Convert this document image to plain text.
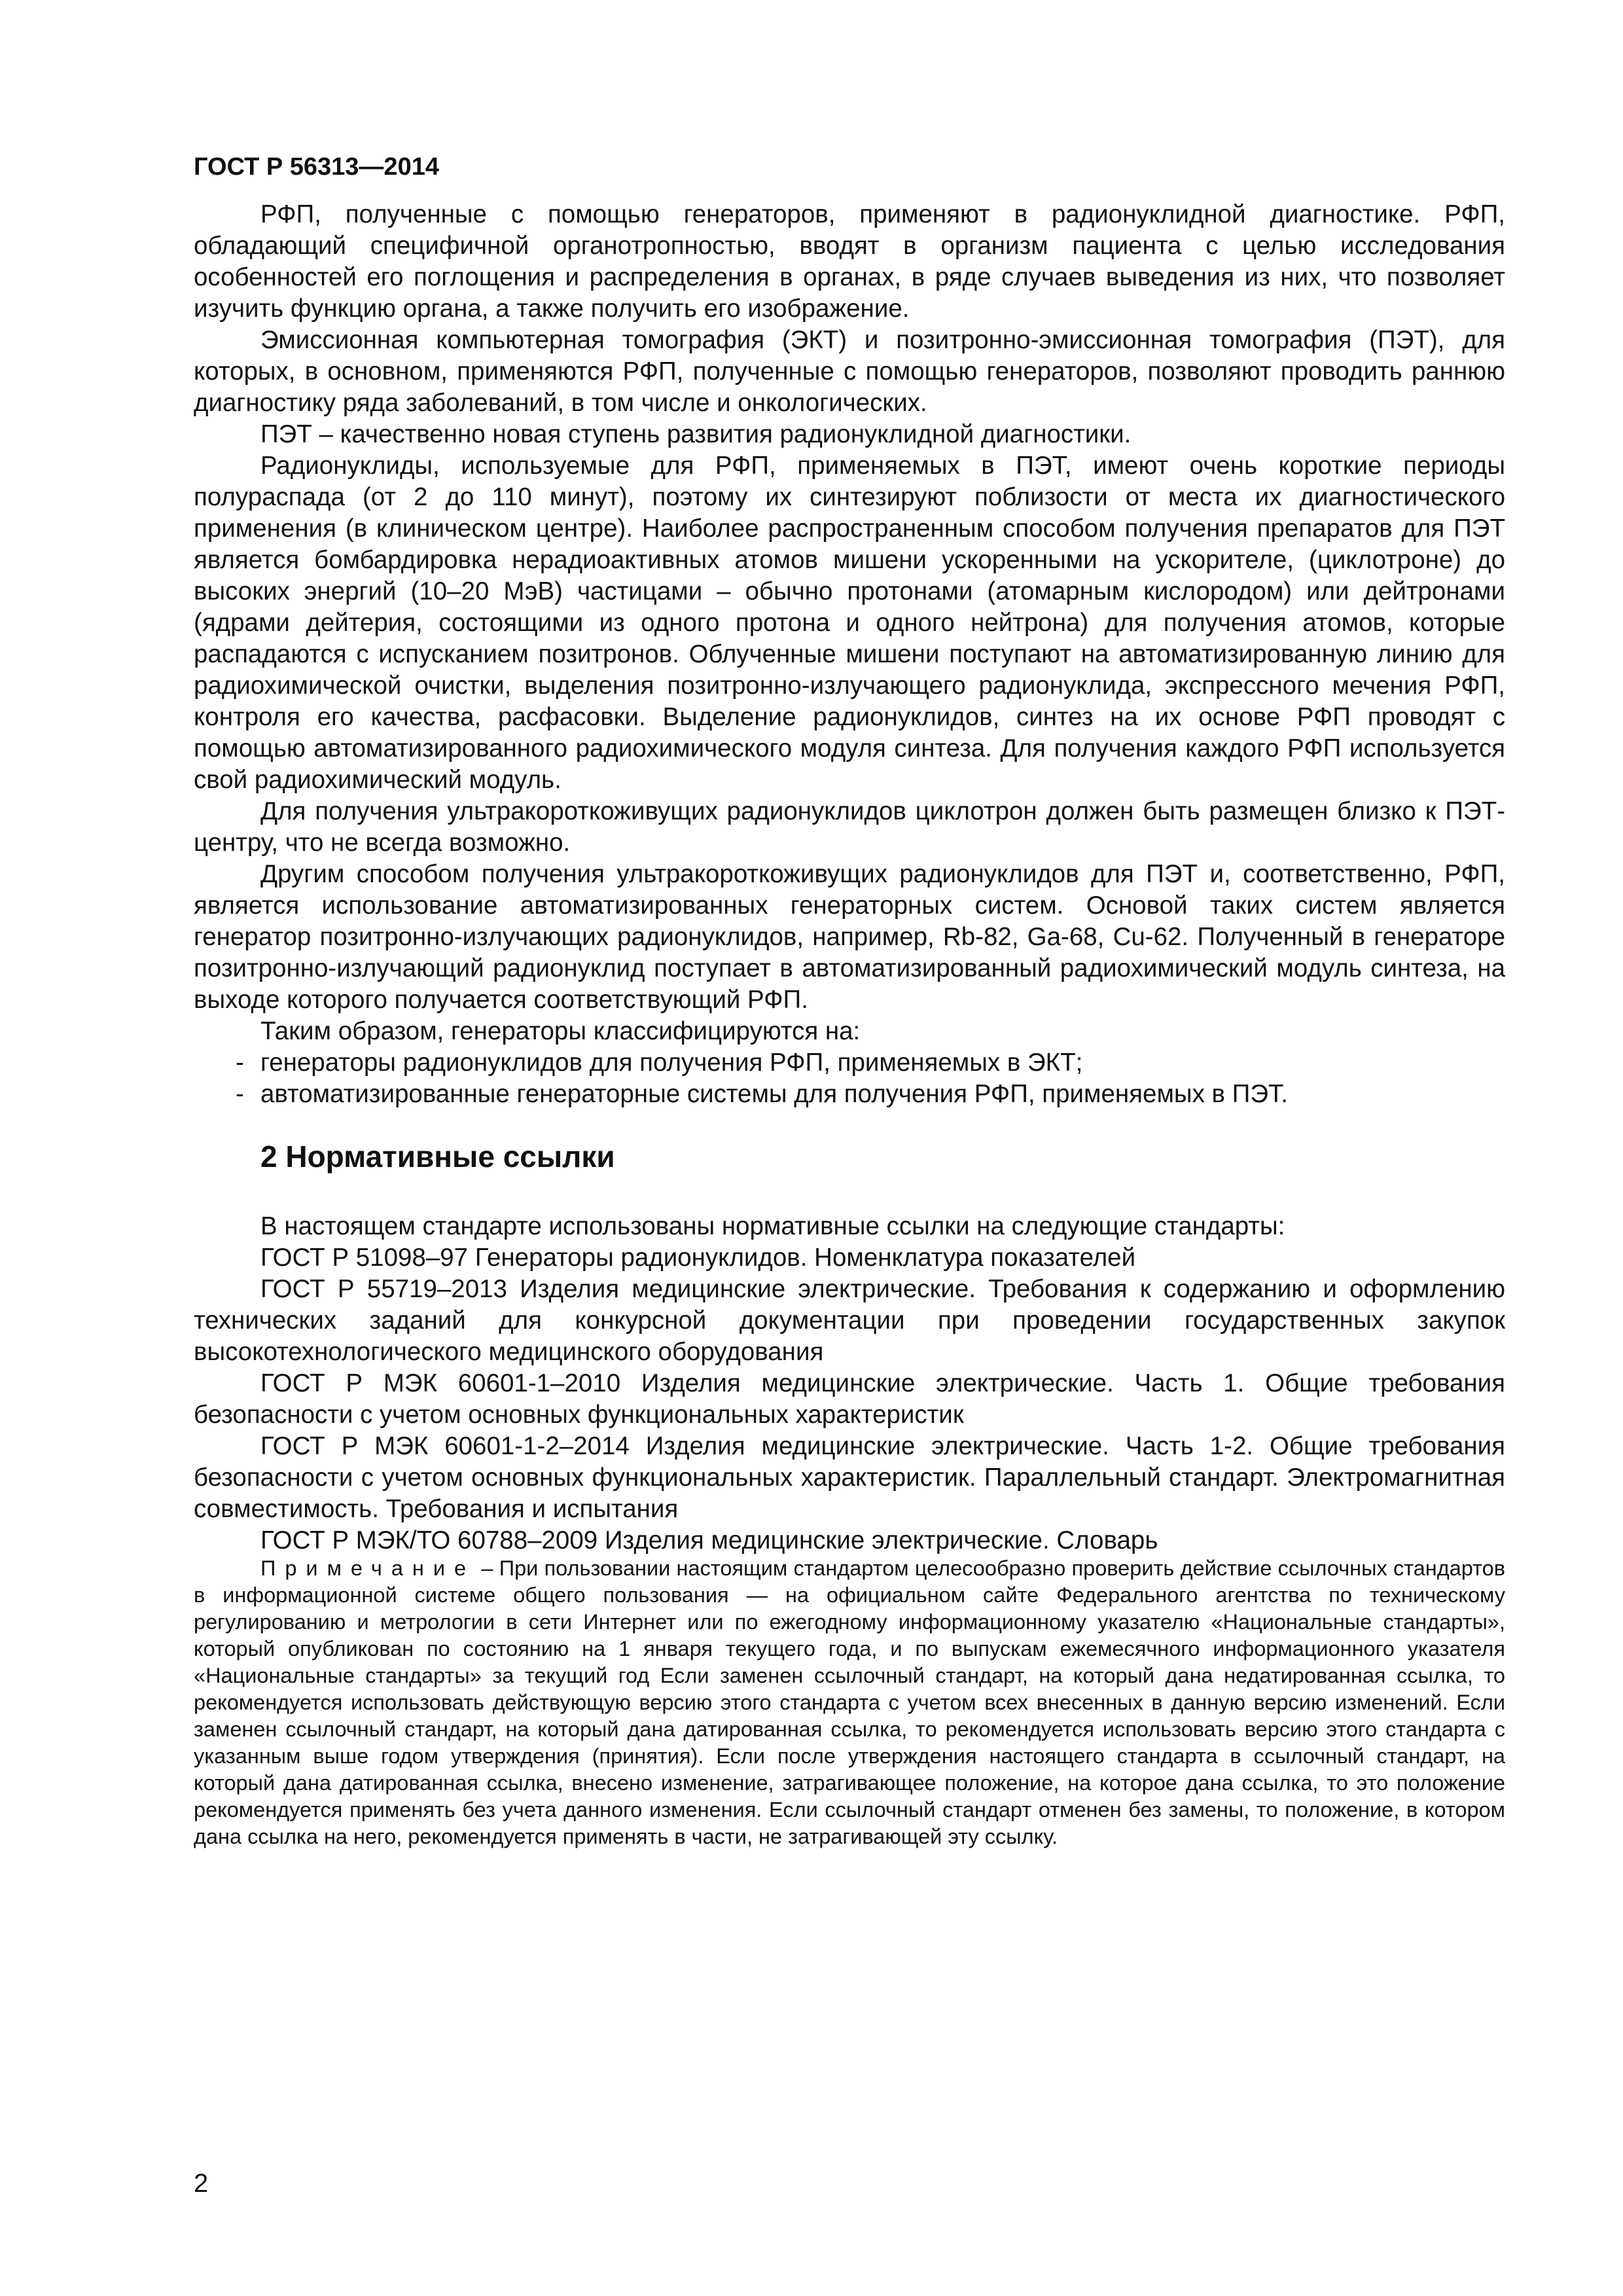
ГОСТ Р 56313—2014

РФП, полученные с помощью генераторов, применяют в радионуклидной диагностике. РФП, обладающий специфичной органотропностью, вводят в организм пациента с целью исследования особенностей его поглощения и распределения в органах, в ряде случаев выведения из них, что позволяет изучить функцию органа, а также получить его изображение.

Эмиссионная компьютерная томография (ЭКТ) и позитронно-эмиссионная томография (ПЭТ), для которых, в основном, применяются РФП, полученные с помощью генераторов, позволяют проводить раннюю диагностику ряда заболеваний, в том числе и онкологических.

ПЭТ – качественно новая ступень развития радионуклидной диагностики.

Радионуклиды, используемые для РФП, применяемых в ПЭТ, имеют очень короткие периоды полураспада (от 2 до 110 минут), поэтому их синтезируют поблизости от места их диагностического применения (в клиническом центре). Наиболее распространенным способом получения препаратов для ПЭТ является бомбардировка нерадиоактивных атомов мишени ускоренными на ускорителе, (циклотроне) до высоких энергий (10–20 МэВ) частицами – обычно протонами (атомарным кислородом) или дейтронами (ядрами дейтерия, состоящими из одного протона и одного нейтрона) для получения атомов, которые распадаются с испусканием позитронов. Облученные мишени поступают на автоматизированную линию для радиохимической очистки, выделения позитронно-излучающего радионуклида, экспрессного мечения РФП, контроля его качества, расфасовки. Выделение радионуклидов, синтез на их основе РФП проводят с помощью автоматизированного радиохимического модуля синтеза. Для получения каждого РФП используется свой радиохимический модуль.

Для получения ультракороткоживущих радионуклидов циклотрон должен быть размещен близко к ПЭТ-центру, что не всегда возможно.

Другим способом получения ультракороткоживущих радионуклидов для ПЭТ и, соответственно, РФП, является использование автоматизированных генераторных систем. Основой таких систем является генератор позитронно-излучающих радионуклидов, например, Rb-82, Ga-68, Cu-62. Полученный в генераторе позитронно-излучающий радионуклид поступает в автоматизированный радиохимический модуль синтеза, на выходе которого получается соответствующий РФП.

Таким образом, генераторы классифицируются на:

- генераторы радионуклидов для получения РФП, применяемых в ЭКТ;

- автоматизированные генераторные системы для получения РФП, применяемых в ПЭТ.

2 Нормативные ссылки

В настоящем стандарте использованы нормативные ссылки на следующие стандарты:

ГОСТ Р 51098–97 Генераторы радионуклидов. Номенклатура показателей

ГОСТ Р 55719–2013 Изделия медицинские электрические. Требования к содержанию и оформлению технических заданий для конкурсной документации при проведении государственных закупок высокотехнологического медицинского оборудования

ГОСТ Р МЭК 60601-1–2010 Изделия медицинские электрические. Часть 1. Общие требования безопасности с учетом основных функциональных характеристик

ГОСТ Р МЭК 60601-1-2–2014 Изделия медицинские электрические. Часть 1-2. Общие требования безопасности с учетом основных функциональных характеристик. Параллельный стандарт. Электромагнитная совместимость. Требования и испытания

ГОСТ Р МЭК/ТО 60788–2009 Изделия медицинские электрические. Словарь

Примечание – При пользовании настоящим стандартом целесообразно проверить действие ссылочных стандартов в информационной системе общего пользования — на официальном сайте Федерального агентства по техническому регулированию и метрологии в сети Интернет или по ежегодному информационному указателю «Национальные стандарты», который опубликован по состоянию на 1 января текущего года, и по выпускам ежемесячного информационного указателя «Национальные стандарты» за текущий год Если заменен ссылочный стандарт, на который дана недатированная ссылка, то рекомендуется использовать действующую версию этого стандарта с учетом всех внесенных в данную версию изменений. Если заменен ссылочный стандарт, на который дана датированная ссылка, то рекомендуется использовать версию этого стандарта с указанным выше годом утверждения (принятия). Если после утверждения настоящего стандарта в ссылочный стандарт, на который дана датированная ссылка, внесено изменение, затрагивающее положение, на которое дана ссылка, то это положение рекомендуется применять без учета данного изменения. Если ссылочный стандарт отменен без замены, то положение, в котором дана ссылка на него, рекомендуется применять в части, не затрагивающей эту ссылку.

2
